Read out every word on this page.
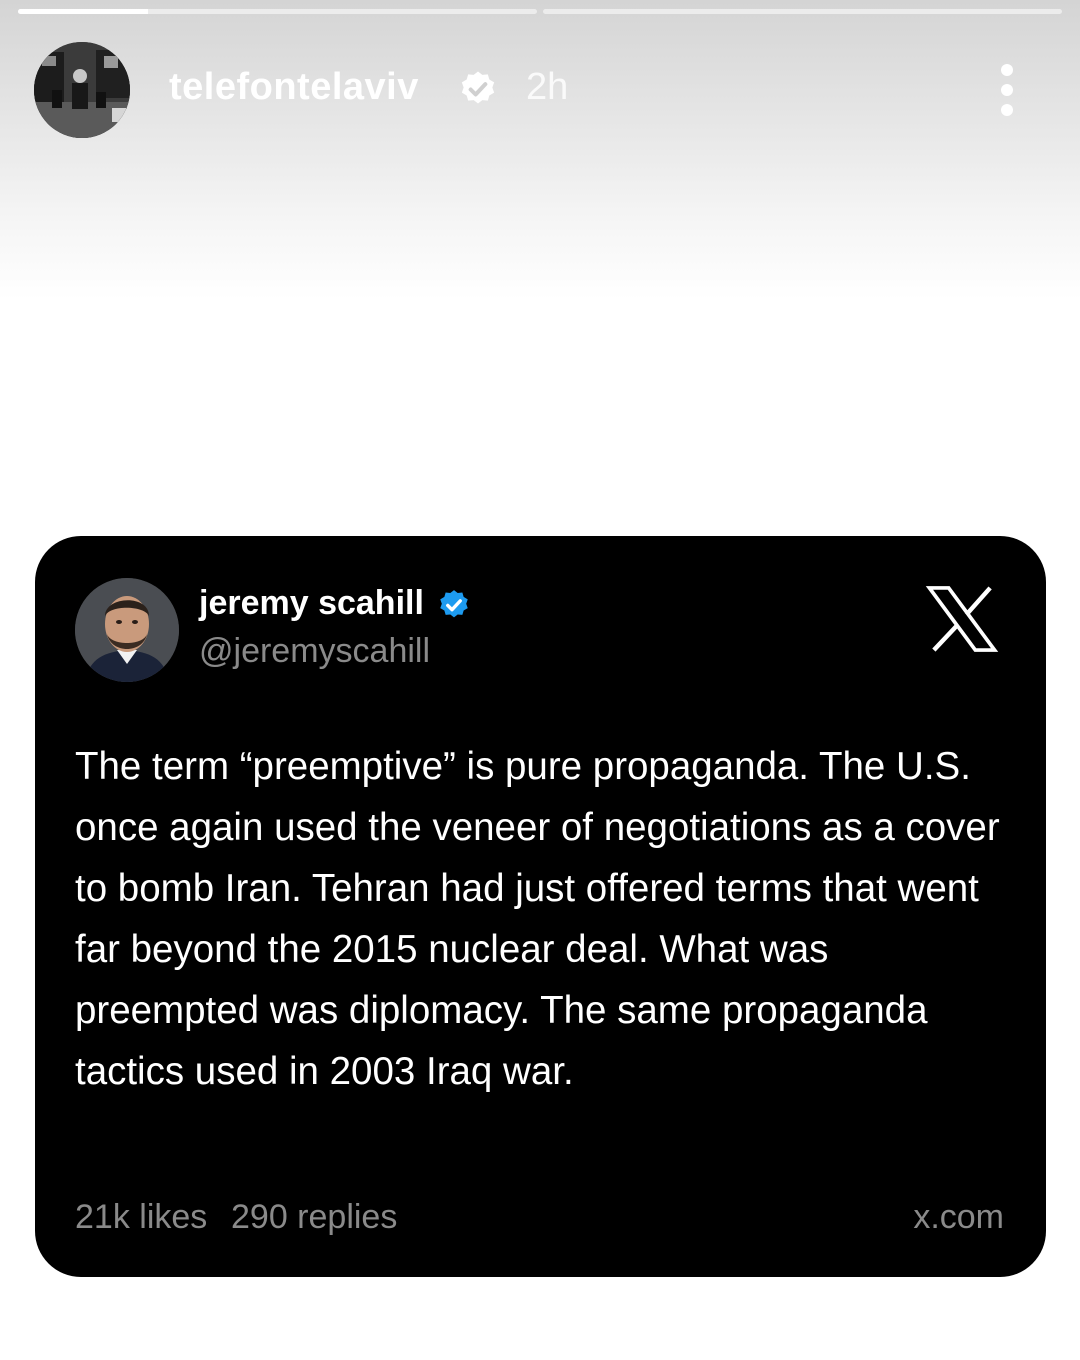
telefontelaviv	2h
jeremy scahill
@jeremyscahill

The term “preemptive” is pure propaganda. The U.S. once again used the veneer of negotiations as a cover to bomb Iran. Tehran had just offered terms that went far beyond the 2015 nuclear deal. What was preempted was diplomacy. The same propaganda tactics used in 2003 Iraq war.

21k likes 290 replies	x.com
